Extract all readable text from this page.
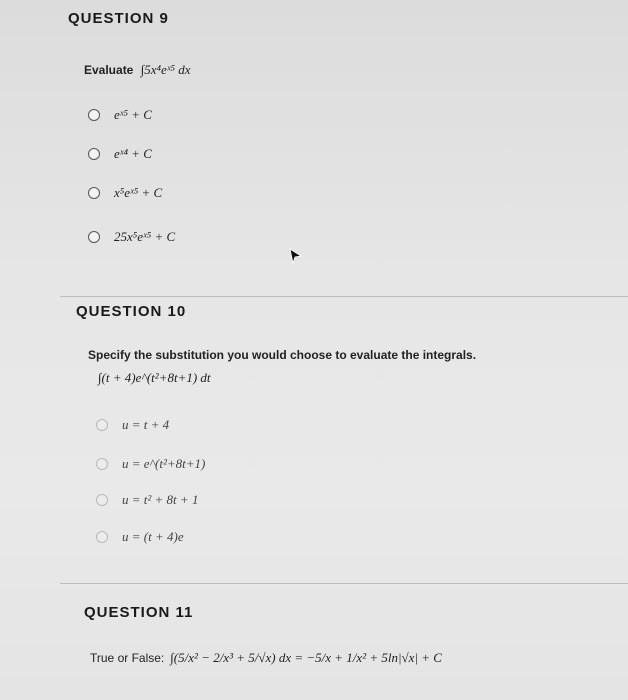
QUESTION 9
Evaluate ∫5x⁴eˣ⁵ dx
eˣ⁵ + C
eˣ⁴ + C
x⁵eˣ⁵ + C
25x⁵eˣ⁵ + C
QUESTION 10
Specify the substitution you would choose to evaluate the integrals.
∫(t + 4)e^(t²+8t+1) dt
u = t + 4
u = e^(t²+8t+1)
u = t² + 8t + 1
u = (t + 4)e
QUESTION 11
True or False: ∫(5/x² − 2/x³ + 5/√x) dx = −5/x + 1/x² + 5ln|√x| + C
